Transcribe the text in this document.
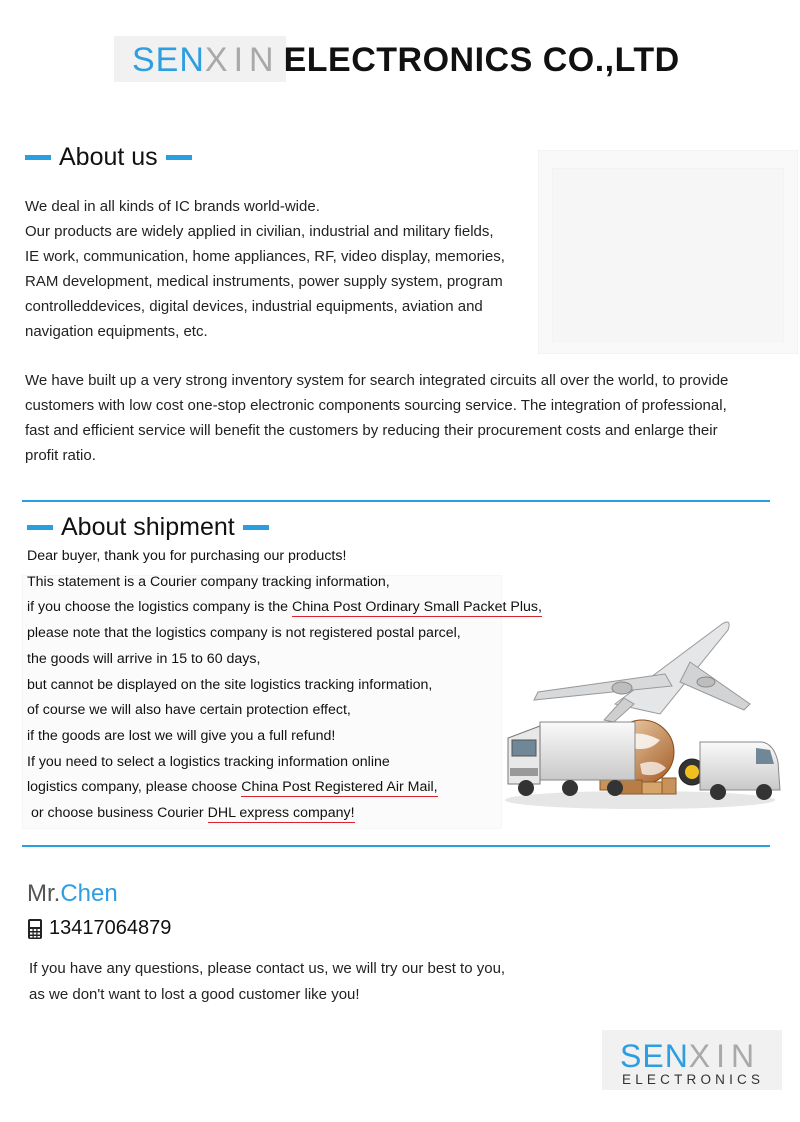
SENXIN ELECTRONICS CO.,LTD
About us
We deal in all kinds of IC brands world-wide.
Our products are widely applied in civilian, industrial and military fields,
IE work, communication, home appliances, RF, video display, memories,
RAM development, medical instruments, power supply system, program
controlleddevices, digital devices, industrial equipments, aviation and
navigation equipments, etc.
We have built up a very strong inventory system for search integrated circuits all over the world, to provide
customers with low cost one-stop electronic components sourcing service. The integration of professional,
fast and efficient service will benefit the customers by reducing their procurement costs and enlarge their
profit ratio.
About shipment
Dear buyer, thank you for purchasing our products!
This statement is a Courier company tracking information,
if you choose the logistics company is the China Post Ordinary Small Packet Plus,
please note that the logistics company is not registered postal parcel,
the goods will arrive in 15 to 60 days,
but cannot be displayed on the site logistics tracking information,
of course we will also have certain protection effect,
if the goods are lost we will give you a full refund!
If you need to select a logistics tracking information online
logistics company, please choose China Post Registered Air Mail,
or choose business Courier DHL express company!
Mr.Chen
13417064879
If you have any questions, please contact us, we will try our best to you,
as we don't want to lost a good customer like you!
SENXIN
ELECTRONICS
